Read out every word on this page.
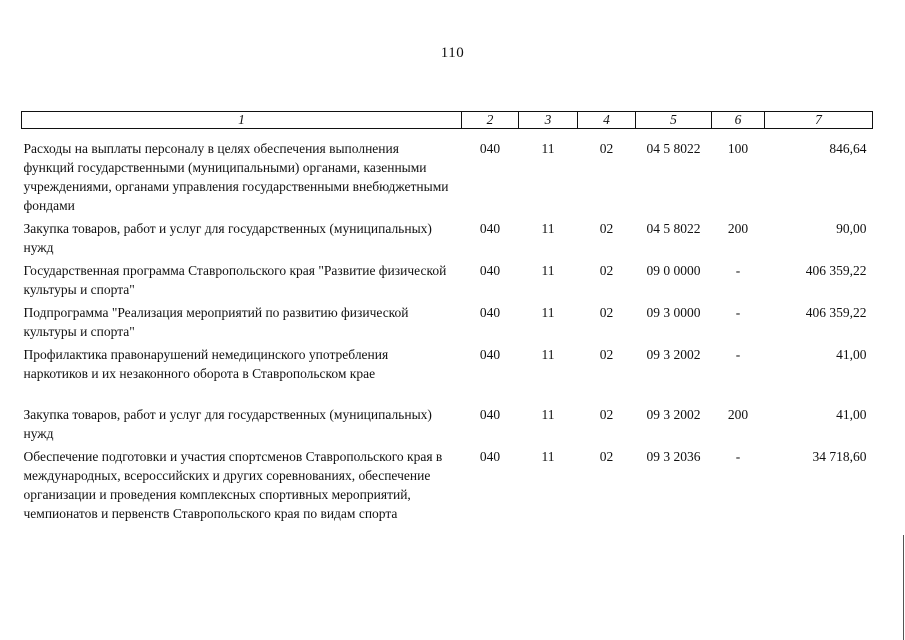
110
1	2	3	4	5	6	7

Расходы на выплаты персоналу в целях обеспечения выполнения функций государственными (муниципальными) органами, казенными учреждениями, органами управления государственными внебюджетными фондами	040	11	02	04 5 8022	100	846,64
Закупка товаров, работ и услуг для государственных (муниципальных) нужд	040	11	02	04 5 8022	200	90,00
Государственная программа Ставропольского края "Развитие физической культуры и спорта"	040	11	02	09 0 0000	-	406 359,22
Подпрограмма "Реализация мероприятий по развитию физической культуры и спорта"	040	11	02	09 3 0000	-	406 359,22
Профилактика правонарушений немедицинского употребления наркотиков и их незаконного оборота в Ставропольском крае	040	11	02	09 3 2002	-	41,00
Закупка товаров, работ и услуг для государственных (муниципальных) нужд	040	11	02	09 3 2002	200	41,00
Обеспечение подготовки и участия спортсменов Ставропольского края в международных, всероссийских и других соревнованиях, обеспечение организации и проведения комплексных спортивных мероприятий, чемпионатов и первенств Ставропольского края по видам спорта	040	11	02	09 3 2036	-	34 718,60
